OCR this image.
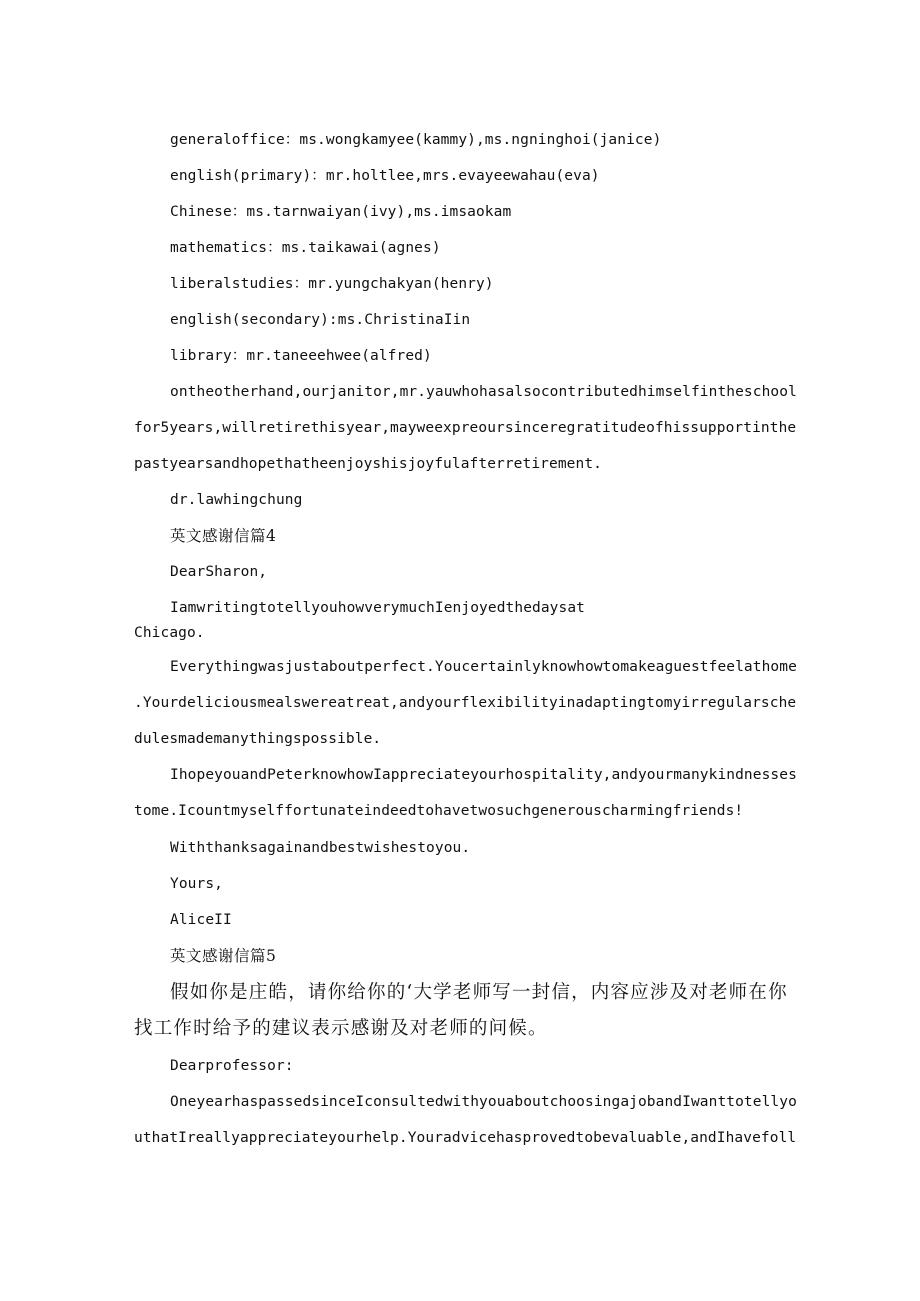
generaloffice：ms.wongkamyee(kammy),ms.ngninghoi(janice)
english(primary)：mr.holtlee,mrs.evayeewahau(eva)
Chinese：ms.tarnwaiyan(ivy),ms.imsaokam
mathematics：ms.taikawai(agnes)
liberalstudies：mr.yungchakyan(henry)
english(secondary):ms.ChristinaIin
library：mr.taneeehwee(alfred)
ontheotherhand,ourjanitor,mr.yauwhohasalsocontributedhimselfintheschool
for5years,willretirethisyear,mayweexpreoursinceregratitudeofhissupportinthe
pastyearsandhopethatheenjoyshisjoyfulafterretirement.
dr.lawhingchung
英文感谢信篇4
DearSharon,
IamwritingtotellyouhowverymuchIenjoyedthedaysat
Chicago.
Everythingwasjustaboutperfect.Youcertainlyknowhowtomakeaguestfeelathome
.Yourdeliciousmealswereatreat,andyourflexibilityinadaptingtomyirregularsche
dulesmademanythingspossible.
IhopeyouandPeterknowhowIappreciateyourhospitality,andyourmanykindnesses
tome.Icountmyselffortunateindeedtohavetwosuchgenerouscharmingfriends!
Withthanksagainandbestwishestoyou.
Yours,
AliceII
英文感谢信篇5
假如你是庄皓，请你给你的‘大学老师写一封信，内容应涉及对老师在你
找工作时给予的建议表示感谢及对老师的问候。
Dearprofessor:
OneyearhaspassedsinceIconsultedwithyouaboutchoosingajobandIwanttotellyo
uthatIreallyappreciateyourhelp.Youradvicehasprovedtobevaluable,andIhavefoll
